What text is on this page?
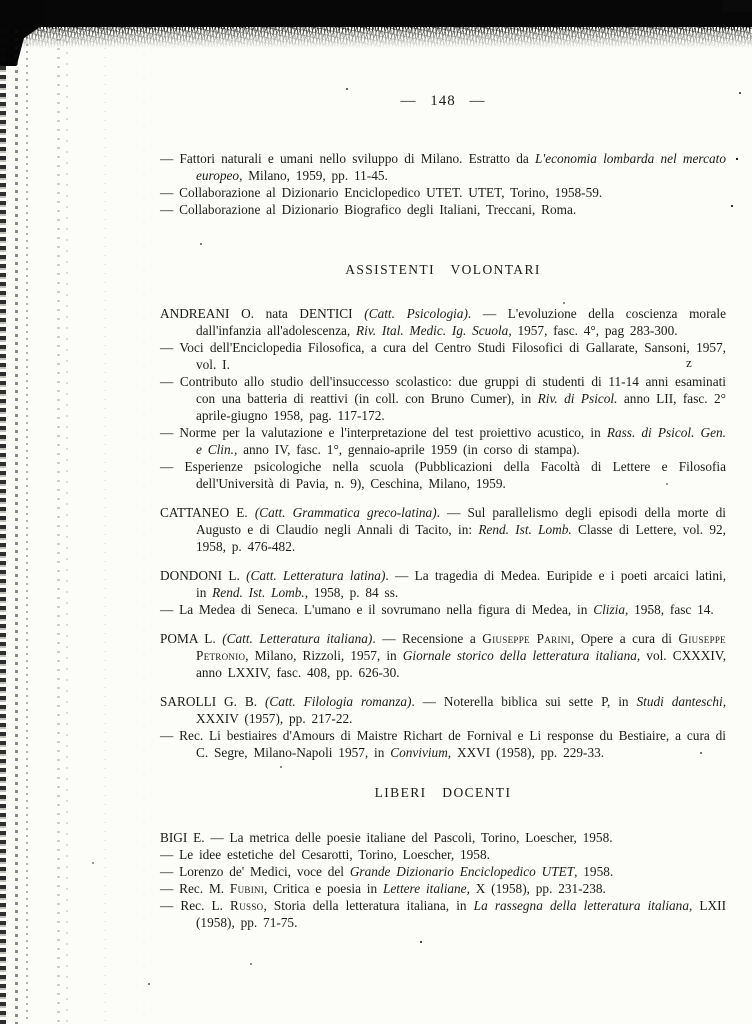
z
— 148 —

— Fattori naturali e umani nello sviluppo di Milano. Estratto da L'economia lombarda nel mercato europeo, Milano, 1959, pp. 11-45.

— Collaborazione al Dizionario Enciclopedico UTET. UTET, Torino, 1958-59.

— Collaborazione al Dizionario Biografico degli Italiani, Treccani, Roma.

ASSISTENTI VOLONTARI

ANDREANI O. nata DENTICI (Catt. Psicologia). — L'evoluzione della coscienza morale dall'infanzia all'adolescenza, Riv. Ital. Medic. Ig. Scuola, 1957, fasc. 4°, pag 283-300.

— Voci dell'Enciclopedia Filosofica, a cura del Centro Studi Filosofici di Gallarate, Sansoni, 1957, vol. I.

— Contributo allo studio dell'insuccesso scolastico: due gruppi di studenti di 11-14 anni esaminati con una batteria di reattivi (in coll. con Bruno Cumer), in Riv. di Psicol. anno LII, fasc. 2° aprile-giugno 1958, pag. 117-172.

— Norme per la valutazione e l'interpretazione del test proiettivo acustico, in Rass. di Psicol. Gen. e Clin., anno IV, fasc. 1°, gennaio-aprile 1959 (in corso di stampa).

— Esperienze psicologiche nella scuola (Pubblicazioni della Facoltà di Lettere e Filosofia dell'Università di Pavia, n. 9), Ceschina, Milano, 1959.

CATTANEO E. (Catt. Grammatica greco-latina). — Sul parallelismo degli episodi della morte di Augusto e di Claudio negli Annali di Tacito, in: Rend. Ist. Lomb. Classe di Lettere, vol. 92, 1958, p. 476-482.

DONDONI L. (Catt. Letteratura latina). — La tragedia di Medea. Euripide e i poeti arcaici latini, in Rend. Ist. Lomb., 1958, p. 84 ss.

— La Medea di Seneca. L'umano e il sovrumano nella figura di Medea, in Clizia, 1958, fasc 14.

POMA L. (Catt. Letteratura italiana). — Recensione a Giuseppe Parini, Opere a cura di Giuseppe Petronio, Milano, Rizzoli, 1957, in Giornale storico della letteratura italiana, vol. CXXXIV, anno LXXIV, fasc. 408, pp. 626-30.

SAROLLI G. B. (Catt. Filologia romanza). — Noterella biblica sui sette P, in Studi danteschi, XXXIV (1957), pp. 217-22.

— Rec. Li bestiaires d'Amours di Maistre Richart de Fornival e Li response du Bestiaire, a cura di C. Segre, Milano-Napoli 1957, in Convivium, XXVI (1958), pp. 229-33.

LIBERI DOCENTI

BIGI E. — La metrica delle poesie italiane del Pascoli, Torino, Loescher, 1958.

— Le idee estetiche del Cesarotti, Torino, Loescher, 1958.

— Lorenzo de' Medici, voce del Grande Dizionario Enciclopedico UTET, 1958.

— Rec. M. Fubini, Critica e poesia in Lettere italiane, X (1958), pp. 231-238.

— Rec. L. Russo, Storia della letteratura italiana, in La rassegna della letteratura italiana, LXII (1958), pp. 71-75.
